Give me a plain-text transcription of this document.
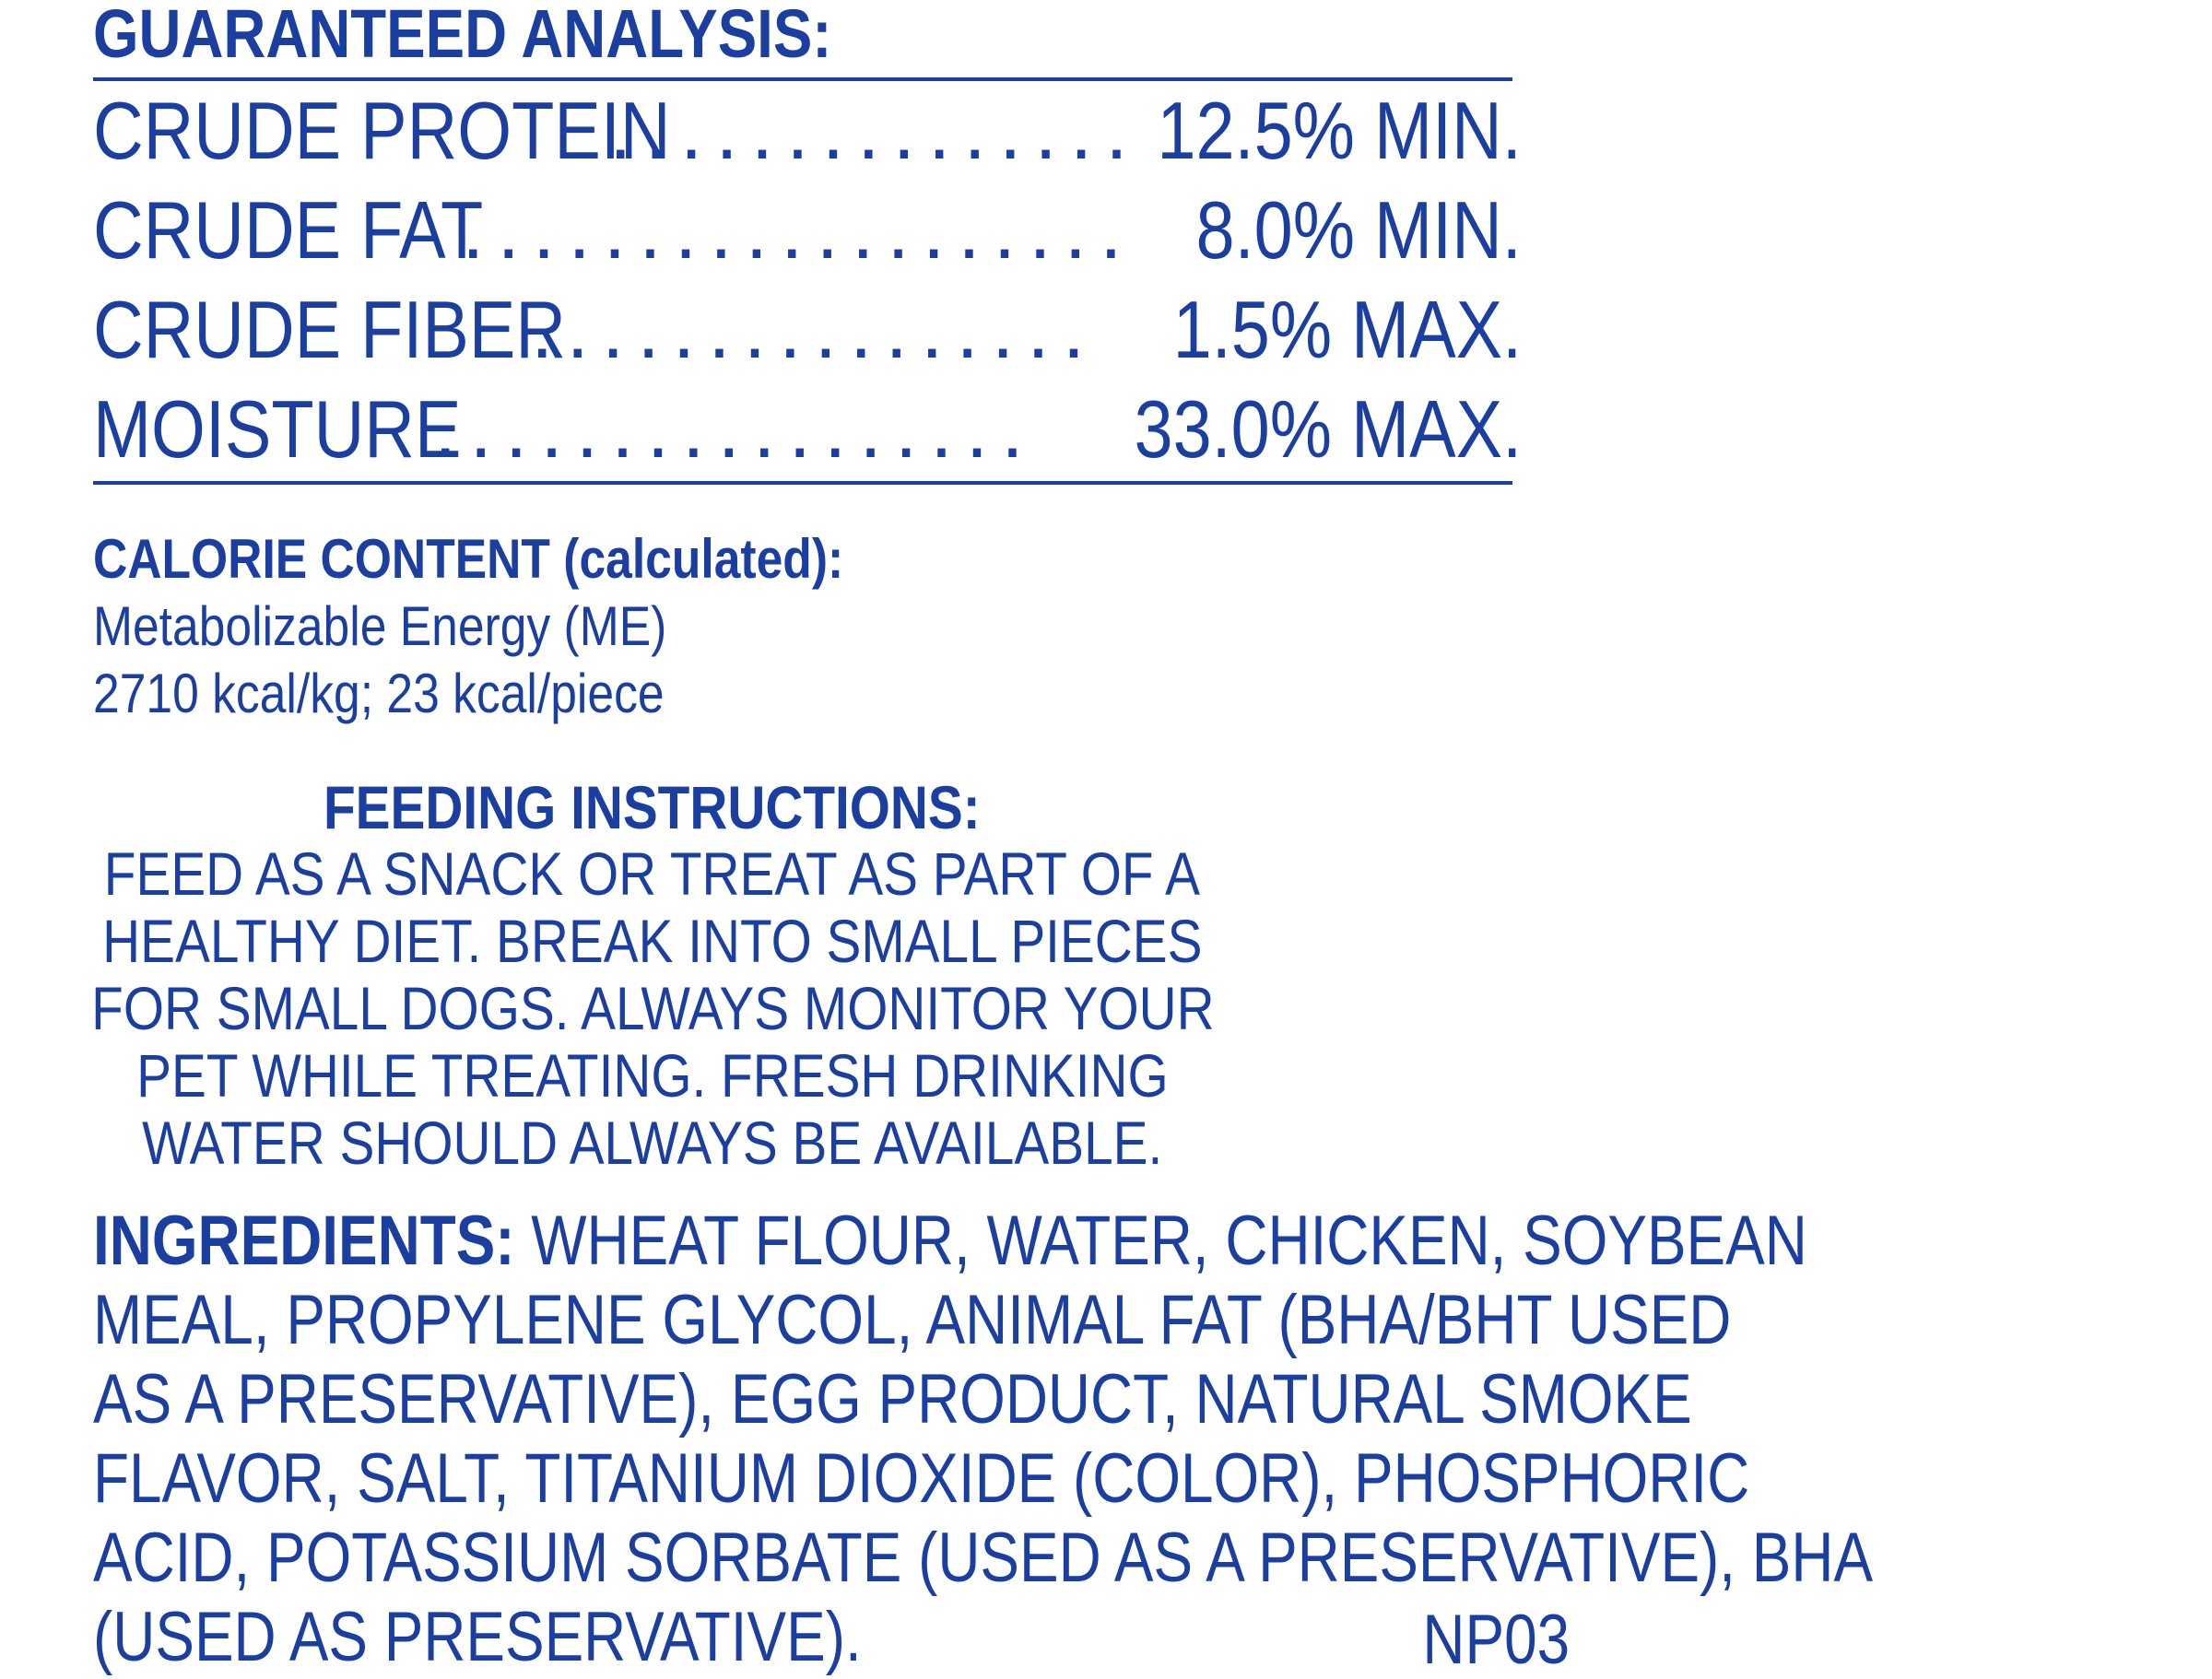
GUARANTEED ANALYSIS:
CRUDE PROTEIN
............... 12.5% MIN.
CRUDE FAT
................... 8.0% MIN.
CRUDE FIBER
................ 1.5% MAX.
MOISTURE
................. 33.0% MAX.
CALORIE CONTENT (calculated):
Metabolizable Energy (ME)
2710 kcal/kg; 23 kcal/piece
FEEDING INSTRUCTIONS:
FEED AS A SNACK OR TREAT AS PART OF A
HEALTHY DIET. BREAK INTO SMALL PIECES
FOR SMALL DOGS. ALWAYS MONITOR YOUR
PET WHILE TREATING. FRESH DRINKING
WATER SHOULD ALWAYS BE AVAILABLE.
INGREDIENTS: WHEAT FLOUR, WATER, CHICKEN, SOYBEAN
MEAL, PROPYLENE GLYCOL, ANIMAL FAT (BHA/BHT USED
AS A PRESERVATIVE), EGG PRODUCT, NATURAL SMOKE
FLAVOR, SALT, TITANIUM DIOXIDE (COLOR), PHOSPHORIC
ACID, POTASSIUM SORBATE (USED AS A PRESERVATIVE), BHA
(USED AS PRESERVATIVE).	NP03
